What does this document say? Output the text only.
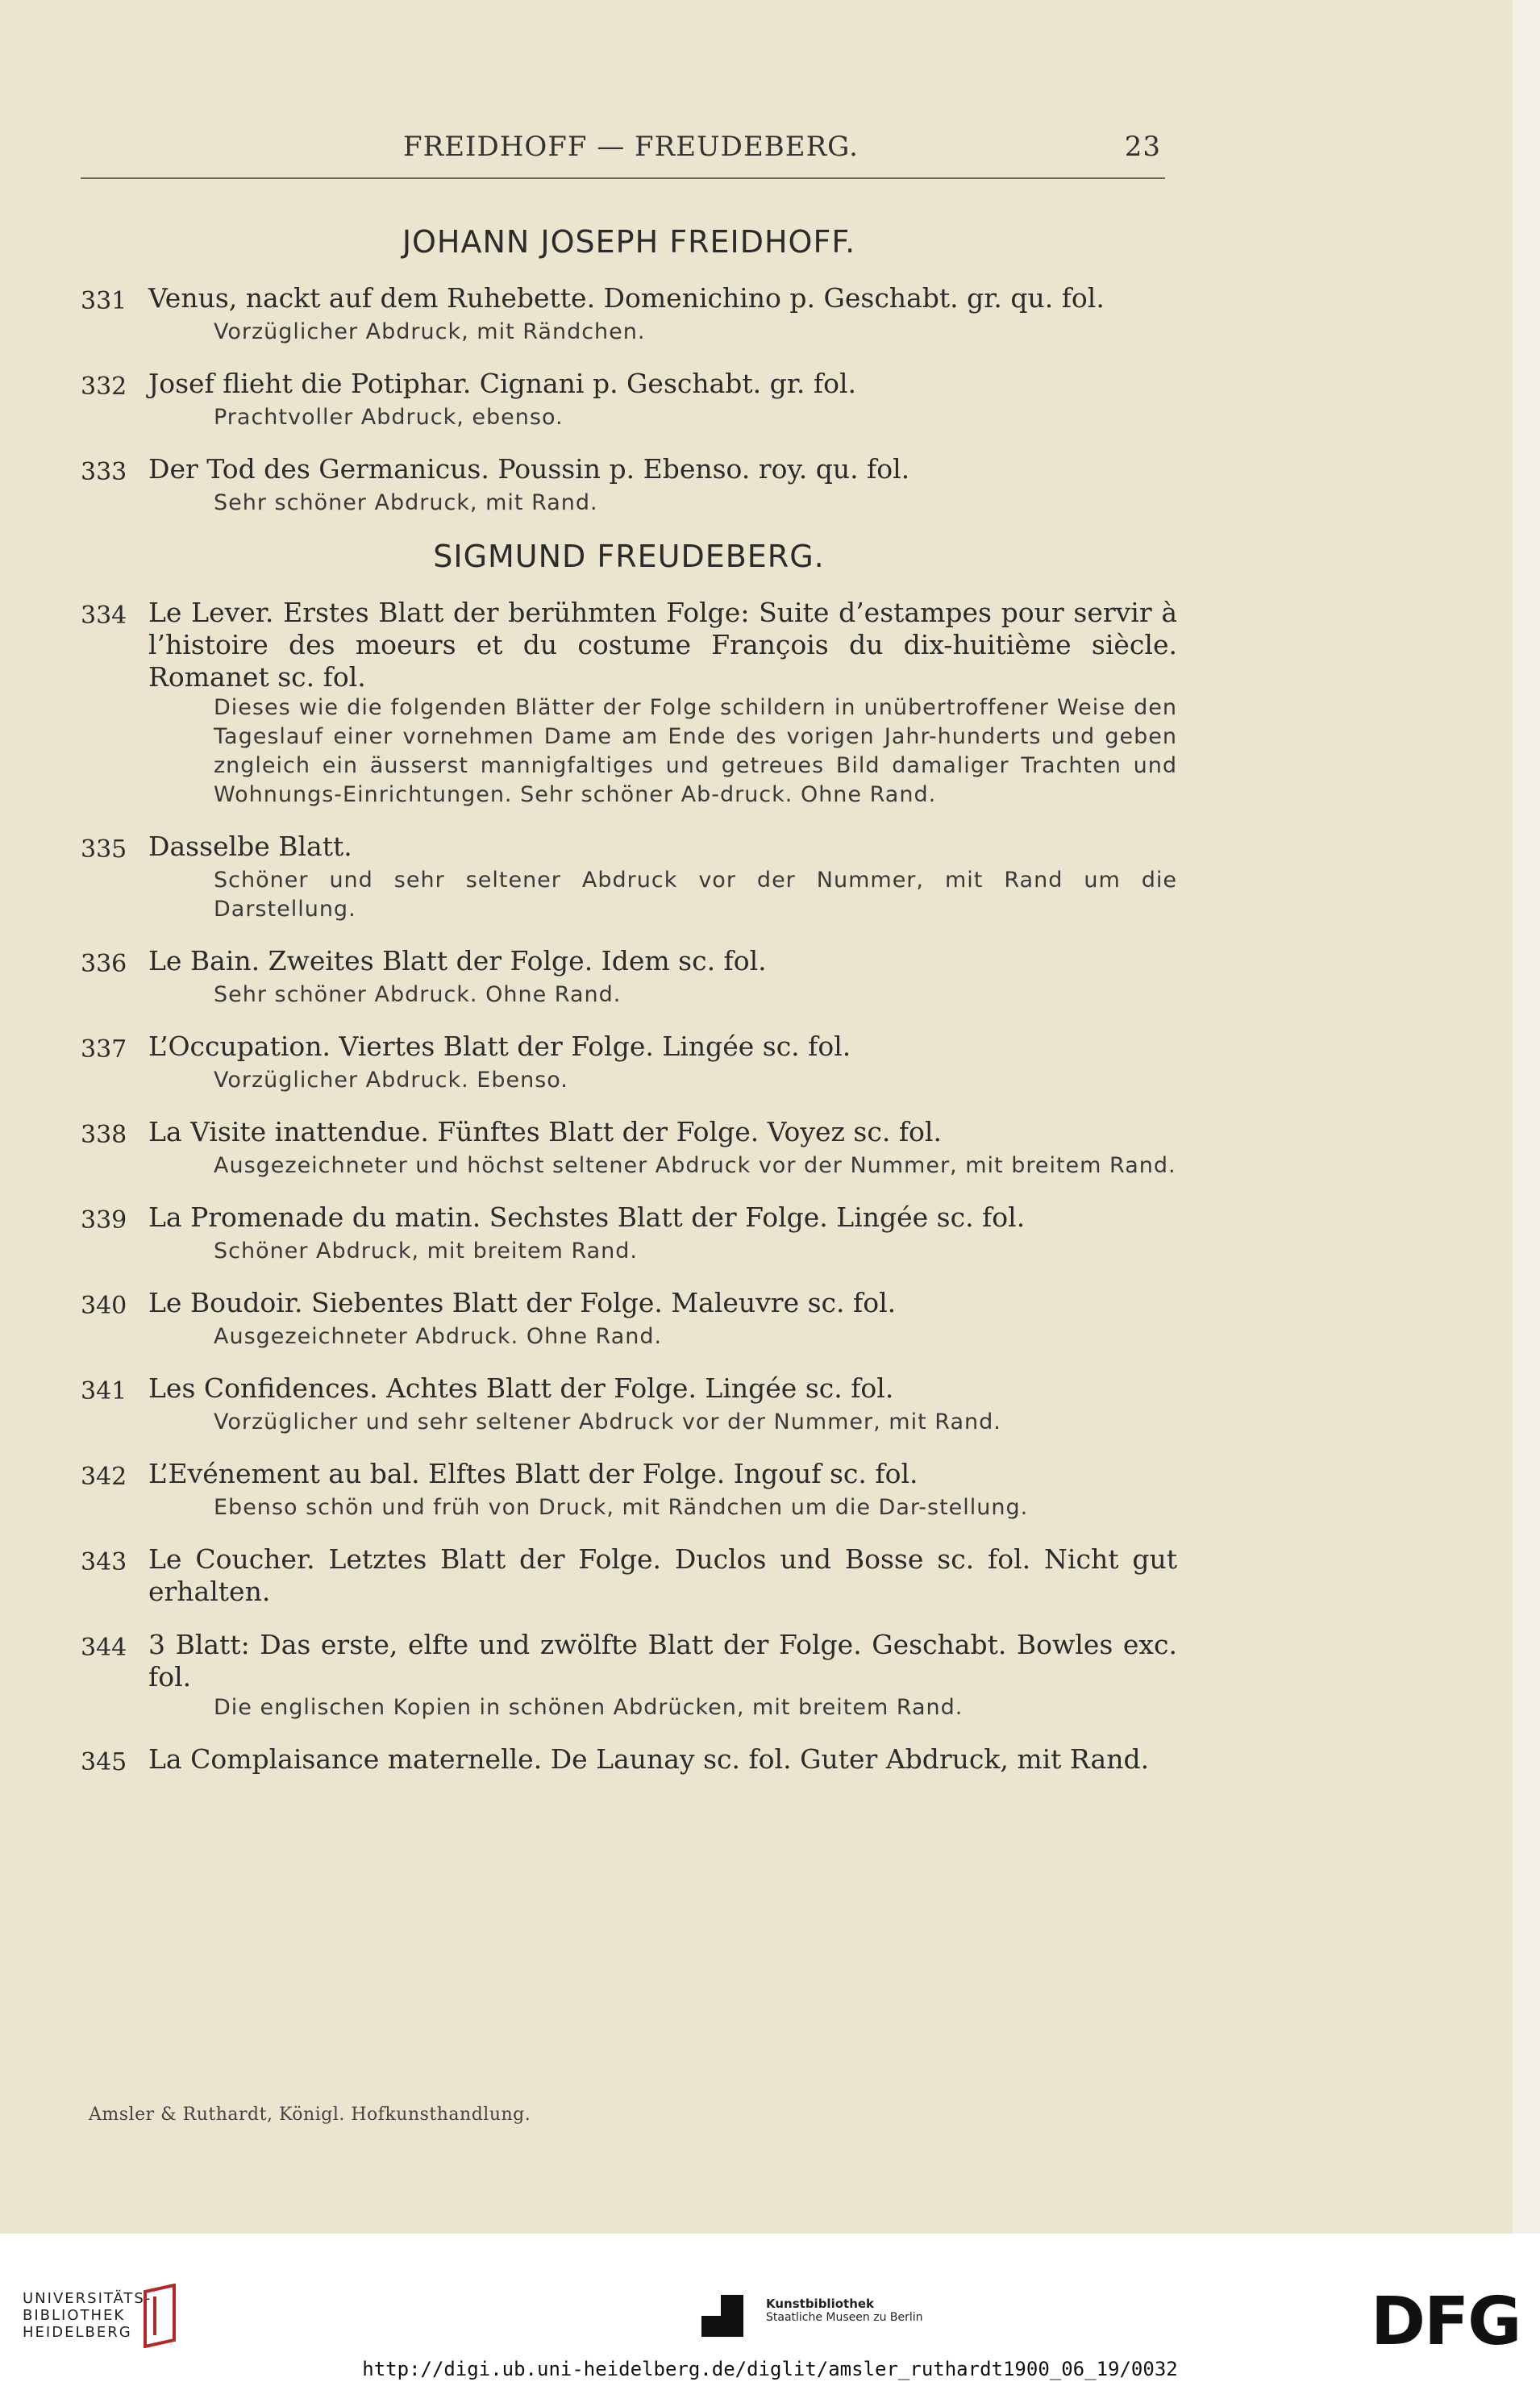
FREIDHOFF — FREUDEBERG.	23
JOHANN JOSEPH FREIDHOFF.
331 Venus, nackt auf dem Ruhebette. Domenichino p. Geschabt. gr. qu. fol.
Vorzüglicher Abdruck, mit Rändchen.
332 Josef flieht die Potiphar. Cignani p. Geschabt. gr. fol.
Prachtvoller Abdruck, ebenso.
333 Der Tod des Germanicus. Poussin p. Ebenso. roy. qu. fol.
Sehr schöner Abdruck, mit Rand.
SIGMUND FREUDEBERG.
334 Le Lever. Erstes Blatt der berühmten Folge: Suite d’estampes pour servir à l’histoire des moeurs et du costume François du dix-huitième siècle. Romanet sc. fol.
Dieses wie die folgenden Blätter der Folge schildern in unübertroffener Weise den Tageslauf einer vornehmen Dame am Ende des vorigen Jahr-hunderts und geben zngleich ein äusserst mannigfaltiges und getreues Bild damaliger Trachten und Wohnungs-Einrichtungen. Sehr schöner Ab-druck. Ohne Rand.
335 Dasselbe Blatt.
Schöner und sehr seltener Abdruck vor der Nummer, mit Rand um die Darstellung.
336 Le Bain. Zweites Blatt der Folge. Idem sc. fol.
Sehr schöner Abdruck. Ohne Rand.
337 L’Occupation. Viertes Blatt der Folge. Lingée sc. fol.
Vorzüglicher Abdruck. Ebenso.
338 La Visite inattendue. Fünftes Blatt der Folge. Voyez sc. fol.
Ausgezeichneter und höchst seltener Abdruck vor der Nummer, mit breitem Rand.
339 La Promenade du matin. Sechstes Blatt der Folge. Lingée sc. fol.
Schöner Abdruck, mit breitem Rand.
340 Le Boudoir. Siebentes Blatt der Folge. Maleuvre sc. fol.
Ausgezeichneter Abdruck. Ohne Rand.
341 Les Confidences. Achtes Blatt der Folge. Lingée sc. fol.
Vorzüglicher und sehr seltener Abdruck vor der Nummer, mit Rand.
342 L’Evénement au bal. Elftes Blatt der Folge. Ingouf sc. fol.
Ebenso schön und früh von Druck, mit Rändchen um die Dar-stellung.
343 Le Coucher. Letztes Blatt der Folge. Duclos und Bosse sc. fol. Nicht gut erhalten.
344 3 Blatt: Das erste, elfte und zwölfte Blatt der Folge. Geschabt. Bowles exc. fol.
Die englischen Kopien in schönen Abdrücken, mit breitem Rand.
345 La Complaisance maternelle. De Launay sc. fol. Guter Abdruck, mit Rand.
Amsler & Ruthardt, Königl. Hofkunsthandlung.
UNIVERSITÄTS-
BIBLIOTHEK
HEIDELBERG
Kunstbibliothek
Staatliche Museen zu Berlin	DFG
http://digi.ub.uni-heidelberg.de/diglit/amsler_ruthardt1900_06_19/0032
